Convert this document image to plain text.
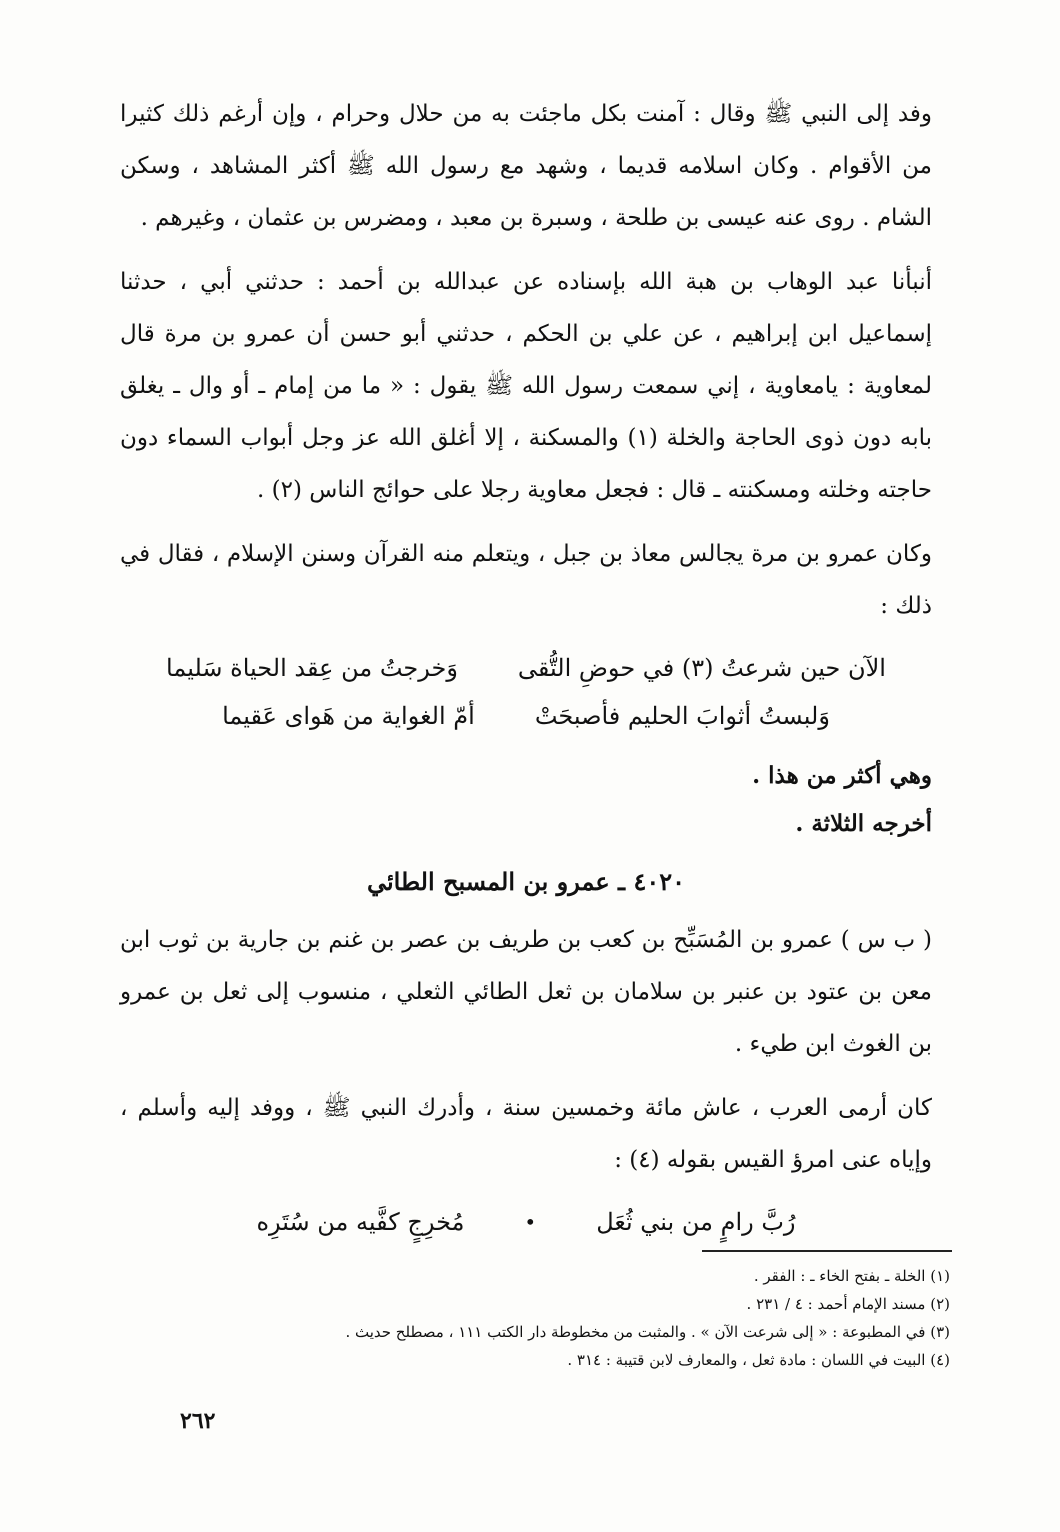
وفد إلى النبي ﷺ وقال : آمنت بكل ماجئت به من حلال وحرام ، وإن أرغم ذلك كثيرا من الأقوام . وكان اسلامه قديما ، وشهد مع رسول الله ﷺ أكثر المشاهد ، وسكن الشام . روى عنه عيسى بن طلحة ، وسبرة بن معبد ، ومضرس بن عثمان ، وغيرهم .

أنبأنا عبد الوهاب بن هبة الله بإسناده عن عبدالله بن أحمد : حدثني أبي ، حدثنا إسماعيل ابن إبراهيم ، عن علي بن الحكم ، حدثني أبو حسن أن عمرو بن مرة قال لمعاوية : يامعاوية ، إني سمعت رسول الله ﷺ يقول : « ما من إمام ـ أو وال ـ يغلق بابه دون ذوى الحاجة والخلة (١) والمسكنة ، إلا أغلق الله عز وجل أبواب السماء دون حاجته وخلته ومسكنته ـ قال : فجعل معاوية رجلا على حوائج الناس (٢) .

وكان عمرو بن مرة يجالس معاذ بن جبل ، ويتعلم منه القرآن وسنن الإسلام ، فقال في ذلك :

الآن حين شرعتُ (٣) في حوضِ التُّقى
وَخرجتُ من عِقد الحياة سَليما
وَلبستُ أثوابَ الحليم فأصبحَتْ
أمّ الغواية من هَواى عَقيما

وهي أكثر من هذا .

أخرجه الثلاثة .

٤٠٢٠ ـ عمرو بن المسبح الطائي

( ب س ) عمرو بن المُسَبِّح بن كعب بن طريف بن عصر بن غنم بن جارية بن ثوب ابن معن بن عتود بن عنبر بن سلامان بن ثعل الطائي الثعلي ، منسوب إلى ثعل بن عمرو بن الغوث ابن طيء .

كان أرمى العرب ، عاش مائة وخمسين سنة ، وأدرك النبي ﷺ ، ووفد إليه وأسلم ، وإياه عنى امرؤ القيس بقوله (٤) :

رُبَّ رامٍ من بني ثُعَل
•
مُخرِجٍ كفَّيه من سُتَرِه
(١) الخلة ـ بفتح الخاء ـ : الفقر .
(٢) مسند الإمام أحمد : ٤ / ٢٣١ .
(٣) في المطبوعة : « إلى شرعت الآن » . والمثبت من مخطوطة دار الكتب ١١١ ، مصطلح حديث .
(٤) البيت في اللسان : مادة ثعل ، والمعارف لابن قتيبة : ٣١٤ .
٢٦٢
